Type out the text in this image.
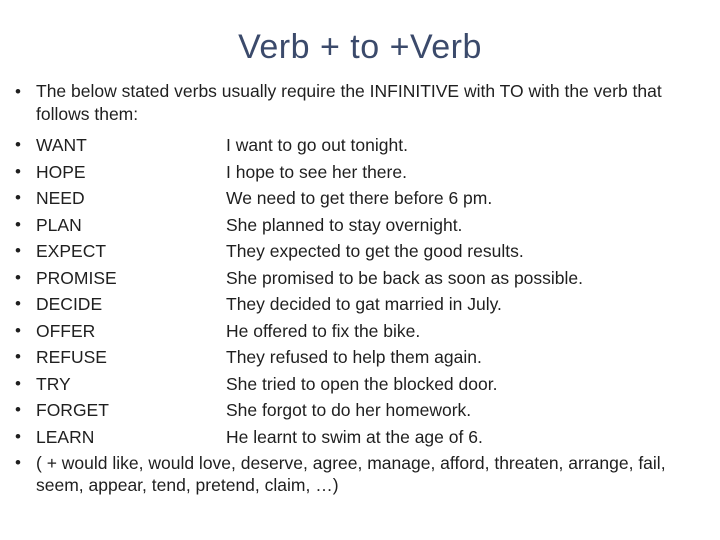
Verb + to +Verb
• The below stated verbs usually require the INFINITIVE with TO with the verb that follows them:
• WANT	I want to go out tonight.
• HOPE	I hope to see her there.
• NEED	We need to get there before 6 pm.
• PLAN	She planned to stay overnight.
• EXPECT	They expected to get the good results.
• PROMISE	She promised to be back as soon as possible.
• DECIDE	They decided to gat married in July.
• OFFER	He offered to fix the bike.
• REFUSE	They refused to help them again.
• TRY	She tried to open the blocked door.
• FORGET	She forgot to do her homework.
• LEARN	He learnt to swim at the age of 6.
• ( + would like, would love, deserve, agree, manage, afford, threaten, arrange, fail, seem, appear, tend, pretend, claim, …)
